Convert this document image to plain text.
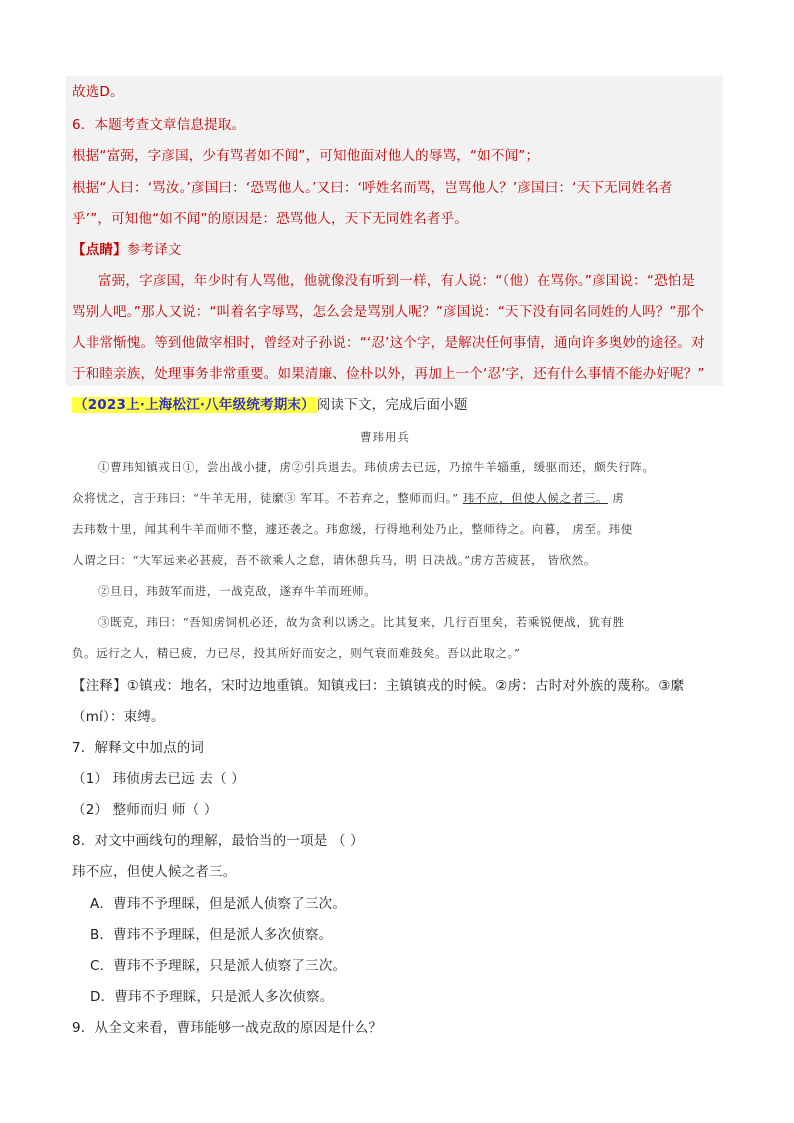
故选D。
6．本题考查文章信息提取。
根据“富弼，字彦国，少有骂者如不闻”，可知他面对他人的辱骂，“如不闻”；
根据“人曰：‘骂汝。’彦国曰：‘恐骂他人。’又曰：‘呼姓名而骂，岂骂他人？’彦国曰：‘天下无同姓名者
乎’”，可知他“如不闻”的原因是：恐骂他人，天下无同姓名者乎。
【点睛】参考译文
富弼，字彦国，年少时有人骂他，他就像没有听到一样，有人说：“（他）在骂你。”彦国说：“恐怕是
骂别人吧。”那人又说：“叫着名字辱骂，怎么会是骂别人呢？”彦国说：“天下没有同名同姓的人吗？”那个
人非常惭愧。等到他做宰相时，曾经对子孙说：“‘忍’这个字，是解决任何事情，通向许多奥妙的途径。对
于和睦亲族，处理事务非常重要。如果清廉、俭朴以外，再加上一个‘忍’字，还有什么事情不能办好呢？”
（2023上·上海松江·八年级统考期末） 阅读下文，完成后面小题
曹玮用兵
①曹玮知镇戎日①，尝出战小捷，虏②引兵退去。玮侦虏去已远，乃掠牛羊辎重，缓驱而还，颇失行阵。
众将忧之，言于玮曰：“牛羊无用，徒縻③ 军耳。不若弃之，整师而归。” 玮不应，但使人候之者三。 虏
去玮数十里，闻其利牛羊而师不整，遽还袭之。玮愈缓，行得地利处乃止，整师待之。向暮， 虏至。玮使
人谓之曰：“大军远来必甚疲，吾不欲乘人之怠，请休憩兵马，明 日决战。”虏方苦疲甚， 皆欣然。
②旦日，玮鼓军而进，一战克敌，遂弃牛羊而班师。
③既克，玮曰：“吾知虏饲机必还，故为贪利以诱之。比其复来，几行百里矣，若乘锐便战，犹有胜
负。远行之人，精已疲，力已尽，投其所好而安之，则气衰而难鼓矣。吾以此取之。”
【注释】①镇戎：地名，宋时边地重镇。知镇戎曰：主镇镇戎的时候。②虏：古时对外族的蔑称。③縻
（mí）：束缚。
7．解释文中加点的词
（1） 玮侦虏去已远 去（ ）
（2） 整师而归 师（ ）
8．对文中画线句的理解，最恰当的一项是 （ ）
玮不应，但使人候之者三。
A．曹玮不予理睬，但是派人侦察了三次。
B．曹玮不予理睬，但是派人多次侦察。
C．曹玮不予理睬，只是派人侦察了三次。
D．曹玮不予理睬，只是派人多次侦察。
9．从全文来看，曹玮能够一战克敌的原因是什么？
